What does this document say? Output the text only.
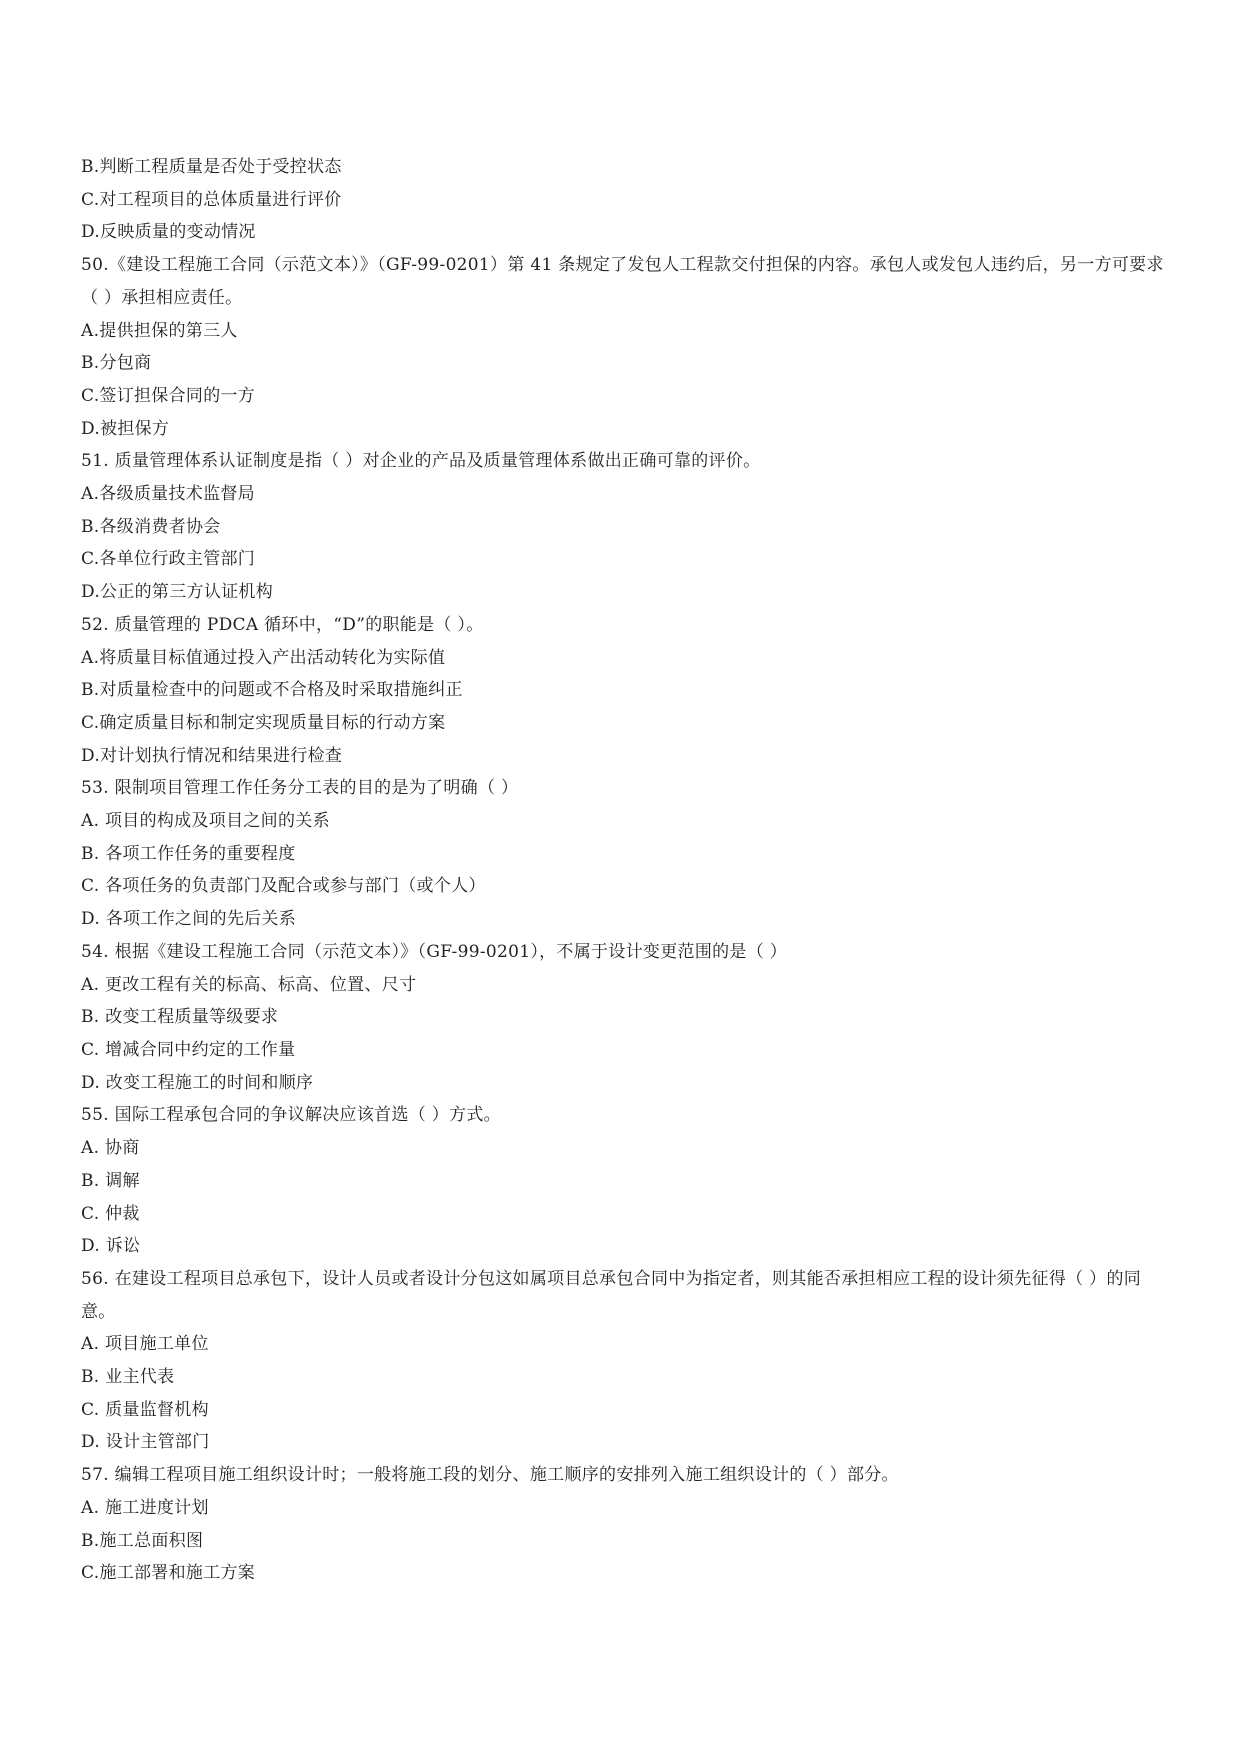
B.判断工程质量是否处于受控状态
C.对工程项目的总体质量进行评价
D.反映质量的变动情况
50.《建设工程施工合同（示范文本）》（GF-99-0201）第 41 条规定了发包人工程款交付担保的内容。承包人或发包人违约后，另一方可要求（ ）承担相应责任。
A.提供担保的第三人
B.分包商
C.签订担保合同的一方
D.被担保方
51. 质量管理体系认证制度是指（ ）对企业的产品及质量管理体系做出正确可靠的评价。
A.各级质量技术监督局
B.各级消费者协会
C.各单位行政主管部门
D.公正的第三方认证机构
52. 质量管理的 PDCA 循环中，“D”的职能是（ ）。
A.将质量目标值通过投入产出活动转化为实际值
B.对质量检查中的问题或不合格及时采取措施纠正
C.确定质量目标和制定实现质量目标的行动方案
D.对计划执行情况和结果进行检查
53. 限制项目管理工作任务分工表的目的是为了明确（ ）
A. 项目的构成及项目之间的关系
B. 各项工作任务的重要程度
C. 各项任务的负责部门及配合或参与部门（或个人）
D. 各项工作之间的先后关系
54. 根据《建设工程施工合同（示范文本）》（GF-99-0201），不属于设计变更范围的是（ ）
A. 更改工程有关的标高、标高、位置、尺寸
B. 改变工程质量等级要求
C. 增减合同中约定的工作量
D. 改变工程施工的时间和顺序
55. 国际工程承包合同的争议解决应该首选（ ）方式。
A. 协商
B. 调解
C. 仲裁
D. 诉讼
56. 在建设工程项目总承包下，设计人员或者设计分包这如属项目总承包合同中为指定者，则其能否承担相应工程的设计须先征得（ ）的同意。
A. 项目施工单位
B. 业主代表
C. 质量监督机构
D. 设计主管部门
57. 编辑工程项目施工组织设计时；一般将施工段的划分、施工顺序的安排列入施工组织设计的（ ）部分。
A. 施工进度计划
B.施工总面积图
C.施工部署和施工方案
